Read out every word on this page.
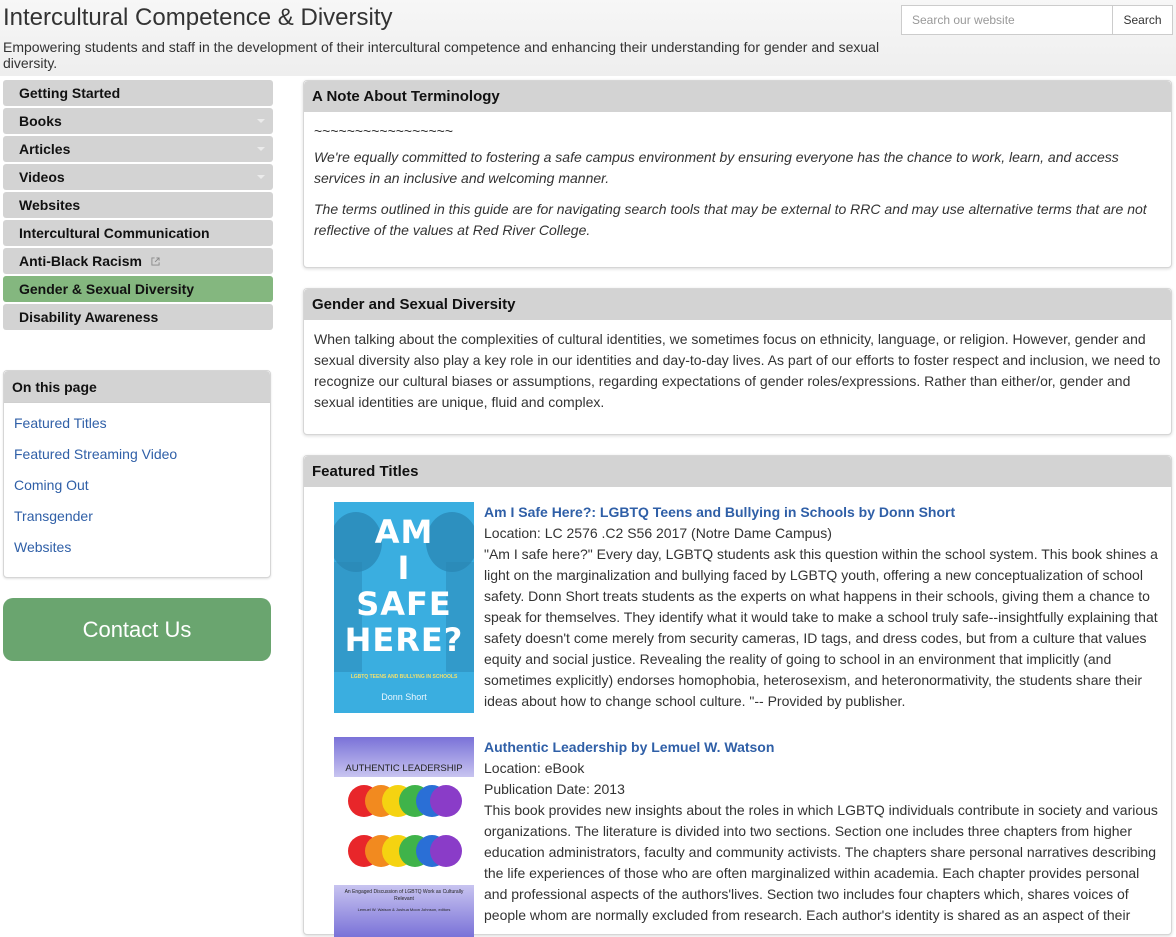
Intercultural Competence & Diversity

Empowering students and staff in the development of their intercultural competence and enhancing their understanding for gender and sexual diversity.

Search our website
Search
Getting Started
Books
Articles
Videos
Websites
Intercultural Communication
Anti-Black Racism
Gender & Sexual Diversity
Disability Awareness
On this page
Featured Titles
Featured Streaming Video
Coming Out
Transgender
Websites
Contact Us
A Note About Terminology

~~~~~~~~~~~~~~~~~

We're equally committed to fostering a safe campus environment by ensuring everyone has the chance to work, learn, and access services in an inclusive and welcoming manner.

The terms outlined in this guide are for navigating search tools that may be external to RRC and may use alternative terms that are not reflective of the values at Red River College.

Gender and Sexual Diversity

When talking about the complexities of cultural identities, we sometimes focus on ethnicity, language, or religion. However, gender and sexual diversity also play a key role in our identities and day-to-day lives. As part of our efforts to foster respect and inclusion, we need to recognize our cultural biases or assumptions, regarding expectations of gender roles/expressions. Rather than either/or, gender and sexual identities are unique, fluid and complex.

Featured Titles
AM
I
SAFE
HERE?
LGBTQ TEENS AND BULLYING IN SCHOOLS
Donn Short
Am I Safe Here?: LGBTQ Teens and Bullying in Schools by Donn Short
Location: LC 2576 .C2 S56 2017 (Notre Dame Campus)
"Am I safe here?" Every day, LGBTQ students ask this question within the school system. This book shines a light on the marginalization and bullying faced by LGBTQ youth, offering a new conceptualization of school safety. Donn Short treats students as the experts on what happens in their schools, giving them a chance to speak for themselves. They identify what it would take to make a school truly safe--insightfully explaining that safety doesn't come merely from security cameras, ID tags, and dress codes, but from a culture that values equity and social justice. Revealing the reality of going to school in an environment that implicitly (and sometimes explicitly) endorses homophobia, heterosexism, and heteronormativity, the students share their ideas about how to change school culture. "-- Provided by publisher.
AUTHENTIC LEADERSHIP
An Engaged Discussion of LGBTQ Work as Culturally Relevant
Lemuel W. Watson & Joshua Moon Johnson, editors
Authentic Leadership by Lemuel W. Watson
Location: eBook
Publication Date: 2013
This book provides new insights about the roles in which LGBTQ individuals contribute in society and various organizations. The literature is divided into two sections. Section one includes three chapters from higher education administrators, faculty and community activists. The chapters share personal narratives describing the life experiences of those who are often marginalized within academia. Each chapter provides personal and professional aspects of the authors'lives. Section two includes four chapters which, shares voices of people whom are normally excluded from research. Each author's identity is shared as an aspect of their
